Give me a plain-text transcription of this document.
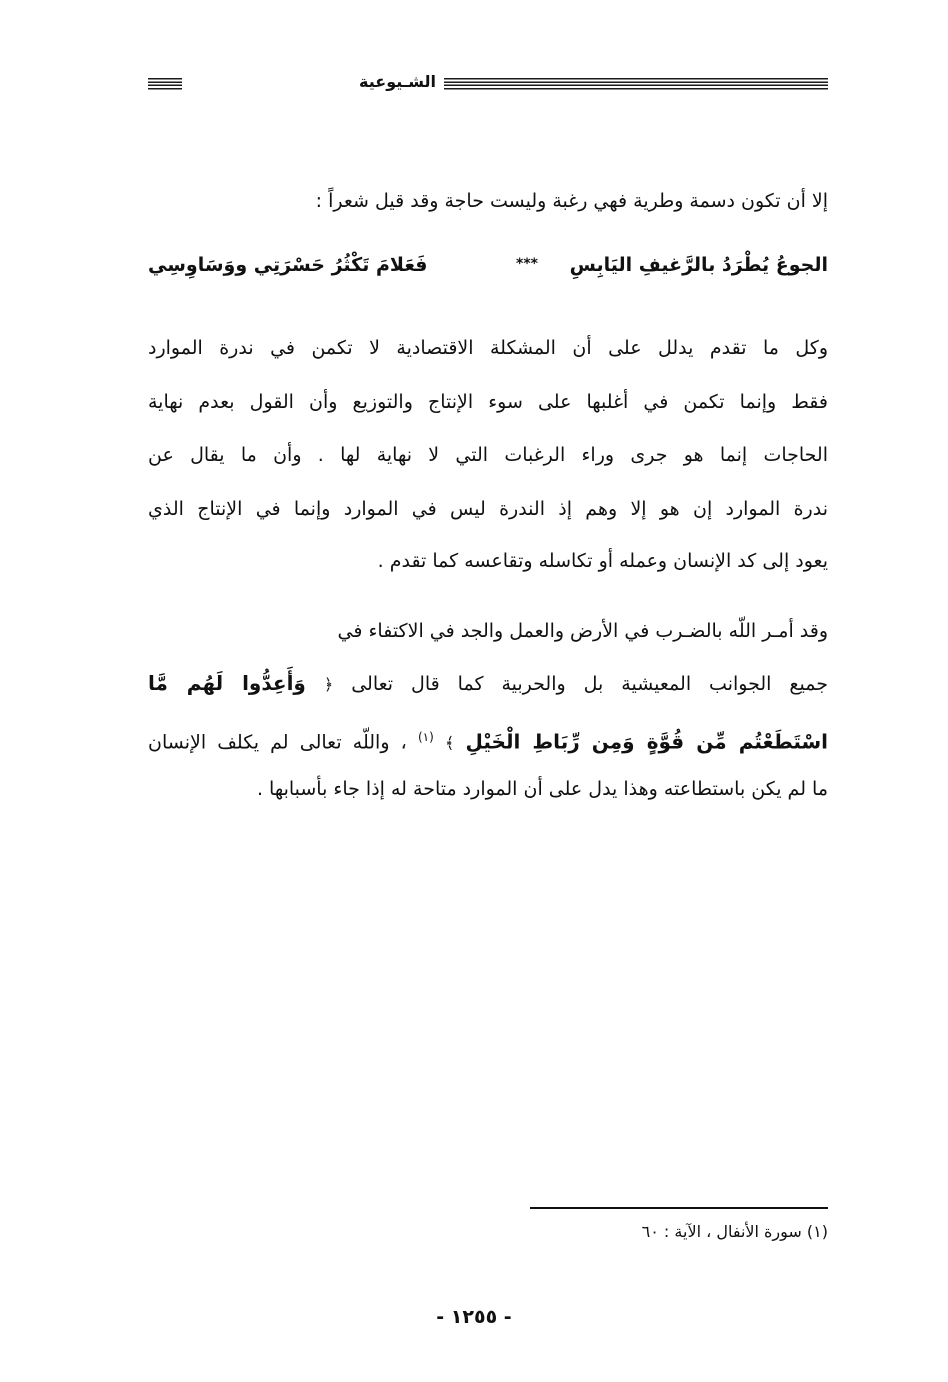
الشـيوعية
إلا أن تكون دسمة وطرية فهي رغبة وليست حاجة وقد قيل شعراً :
الجوعُ يُطْرَدُ بالرَّغيفِ اليَابِسِ
***
فَعَلامَ تَكْثُرُ حَسْرَتِي ووَسَاوِسِي
وكل ما تقدم يدلل على أن المشكلة الاقتصادية لا تكمن في ندرة الموارد
فقط وإنما تكمن في أغلبها على سوء الإنتاج والتوزيع وأن القول بعدم نهاية
الحاجات إنما هو جرى وراء الرغبات التي لا نهاية لها . وأن ما يقال عن
ندرة الموارد إن هو إلا وهم إذ الندرة ليس في الموارد وإنما في الإنتاج الذي
يعود إلى كد الإنسان وعمله أو تكاسله وتقاعسه كما تقدم .
وقد أمـر اللّه بالضـرب في الأرض والعمل والجد في الاكتفاء في
جميع الجوانب المعيشية بل والحربية كما قال تعالى ﴿ وَأَعِدُّوا لَهُم مَّا
اسْتَطَعْتُم مِّن قُوَّةٍ وَمِن رِّبَاطِ الْخَيْلِ ﴾ $^{(١)}$ ، واللّه تعالى لم يكلف الإنسان
ما لم يكن باستطاعته وهذا يدل على أن الموارد متاحة له إذا جاء بأسبابها .
(١) سورة الأنفال ، الآية : ٦٠
- ١٢٥٥ -
